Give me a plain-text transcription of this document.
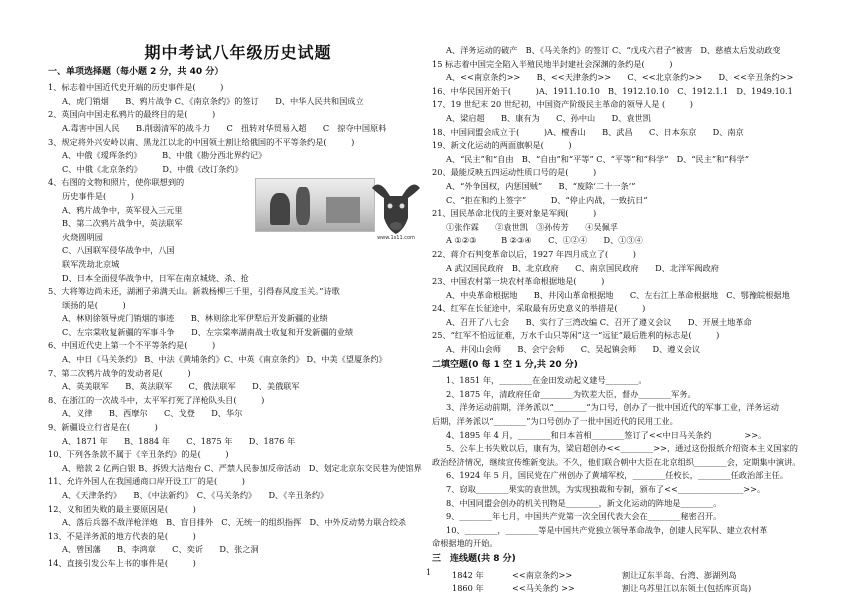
期中考试八年级历史试题
一、单项选择题（每小题 2 分，共 40 分）
1、标志着中国近代史开端的历史事件是(　　　)
A、虎门销烟　　B、鸦片战争 C、《南京条约》的签订　　D、中华人民共和国成立
2、英国向中国走私鸦片的最终目的是(　　　)
A.毒害中国人民　　B.削弱清军的战斗力　　C　扭转对华贸易入超　　C　掠夺中国原料
3、规定将外兴安岭以南、黑龙江以北的中国领土割让给俄国的不平等条约是(　　　)
A、中俄《瑷珲条约》　　　B、中俄《勘分西北界约记》
C、中俄《北京条约》　　　D、中俄《改订条约》
4、右图的文物和照片，使你联想到的
历史事件是(　　　)
A、鸦片战争中，英军侵入三元里
B、第二次鸦片战争中，英法联军
火烧圆明园
C、八国联军侵华战争中，八国
联军洗劫北京城
D、日本全面侵华战争中，日军在南京城烧、杀、抢
5、大将筹边尚未还，湖湘子弟满天山。新栽杨柳三千里，引得春风度玉关。”诗歌
颂扬的是(　　　)
A、林则徐领导虎门销烟的事迹　　B、林则徐北军伊犁后开发新疆的业绩
C、左宗棠收复新疆的军事斗争　　D、左宗棠率湖南战士收复和开发新疆的业绩
6、中国近代史上第一个不平等条约是(　　　)
A、中日《马关条约》 B、中法《黄埔条约》C、中英《南京条约》 D、中美《望厦条约》
7、第二次鸦片战争的发动者是(　　　)
A、英美联军　　B、英法联军　　C、俄法联军　　D、美俄联军
8、在浙江的一次战斗中，太平军打死了洋枪队头目(　　　)
A、义律　　B、西摩尔　　C、戈登　　D、华尔
9、新疆设立行省是在(　　　)
A、1871 年　　B、1884 年　　C、1875 年　　D、1876 年
10、下列各条款不属于《辛丑条约》的是(　　　)
A、赔款 2 亿两白银 B、拆毁大沽炮台 C、严禁人民参加反帝活动　D、划定北京东交民巷为使馆界
11、允许外国人在我国通商口岸开设工厂的是(　　　)
A、《天津条约》　　B、《中法新约》　C、《马关条约》　　D、《辛丑条约》
12、义和团失败的最主要原因是(　　　)
A、落后兵器不敌洋枪洋炮　B、盲目排外　C、无统一的组织指挥　D、中外反动势力联合绞杀
13、不是洋务派的地方代表的是(　　　)
A、曾国藩　　B、李鸿章　　C、奕䜣　　D、张之洞
14、直接引发公车上书的事件是(　　　)
www.1s11.com
A、洋务运动的破产　B、《马关条约》的签订 C、“戊戌六君子”被害　D、慈禧太后发动政变
15 标志着中国完全陷入半殖民地半封建社会深渊的条约是(　　　)
A、<<南京条约>>　　B、<<天津条约>>　　C、<<北京条约>>　　D、<<辛丑条约>>
16、中华民国开始于(　　　)A、1911.10.10　B、1912.10.10　C、1912.1.1　D、1949.10.1
17、19 世纪末 20 世纪初，中国资产阶级民主革命的领导人是 (　　　)
A、梁启超　　B、康有为　　C、孙中山　　D、袁世凯
18、中国同盟会成立于(　　　)A、檀香山　　B、武昌　　C、日本东京　　D、南京
19、新文化运动的两面旗帜是(　　　)
A、“民主”和“自由　B、“自由”和“平等” C、“平等”和“科学”　D、“民主”和“科学”
20、最能反映五四运动性质口号的是(　　　)
A、“外争国权，内惩国贼”　　B、“废除‘二十一条’”
C、“拒在和约上签字”　　　D、“停止内战，一致抗日”
21、国民革命北伐的主要对象是军阀(　　　)
①张作霖　　②袁世凯　③孙传芳　　④吴佩孚
A ①②③　　　B ②③④　　C、①②④　　D、①③④
22、蒋介石判变革命以后，1927 年四月成立了(　　　)
A 武汉国民政府　B、北京政府　　C、南京国民政府　　D、北洋军阀政府
23、中国农村第一块农村革命根据地是(　　　)
A、中央革命根据地　　B、井冈山革命根据地　　C、左右江上革命根据地　C、鄂豫皖根据地
24、红军在长征途中，采取最有历史意义的举措是(　　　)
A、召开了八七会　　B、实行了三湾改编 C、召开了遵义会议　　D、开展土地革命
25、“红军不怕远征难，万水千山只等闲”这一“远征”最后胜利的标志是(　　　)
A、井冈山会师　　B、会宁会师　　C、吴起镇会师　　D、遵义会议
二填空题(0 每 1 空 1 分,共 20 分)
1、1851 年，________在金田发动起义建号________。
2、1875 年，清政府任命________为钦差大臣，督办________军务。
3、洋务运动前期，洋务派以“________”为口号，创办了一批中国近代的军事工业，洋务运动
后期，洋务派以“________”为口号创办了一批中国近代的民用工业。
4、1895 年 4 月，________和日本首相________签订了<<中日马关条约　　　　>>。
5、公车上书失败以后，康有为，梁启超创办<<________>>，通过这份报纸介绍资本主义国家的
政治经济情况，继续宣传维新变法。不久，他们联合朝中大臣在北京组织________会，定期集中演讲。
6、1924 年 5 月，国民党在广州创办了黄埔军校，________任校长，________任政治部主任。
7、窃取________果实的袁世凯，为实现独裁和专制，颁布了<<________________>>。
8、中国同盟会创办的机关刊物是________，新文化运动的阵地是________。
9、________年七月，中国共产党第一次全国代表大会在________秘密召开。
10、________，________等是中国共产党独立领导革命战争，创建人民军队、建立农村革
命根据地的开始。
三　连线题(共 8 分)
1842 年	<<南京条约>>	割让辽东半岛、台湾、澎湖列岛
1860 年	<<马关条约 >>	割让乌苏里江以东领土(包括库页岛)
1
